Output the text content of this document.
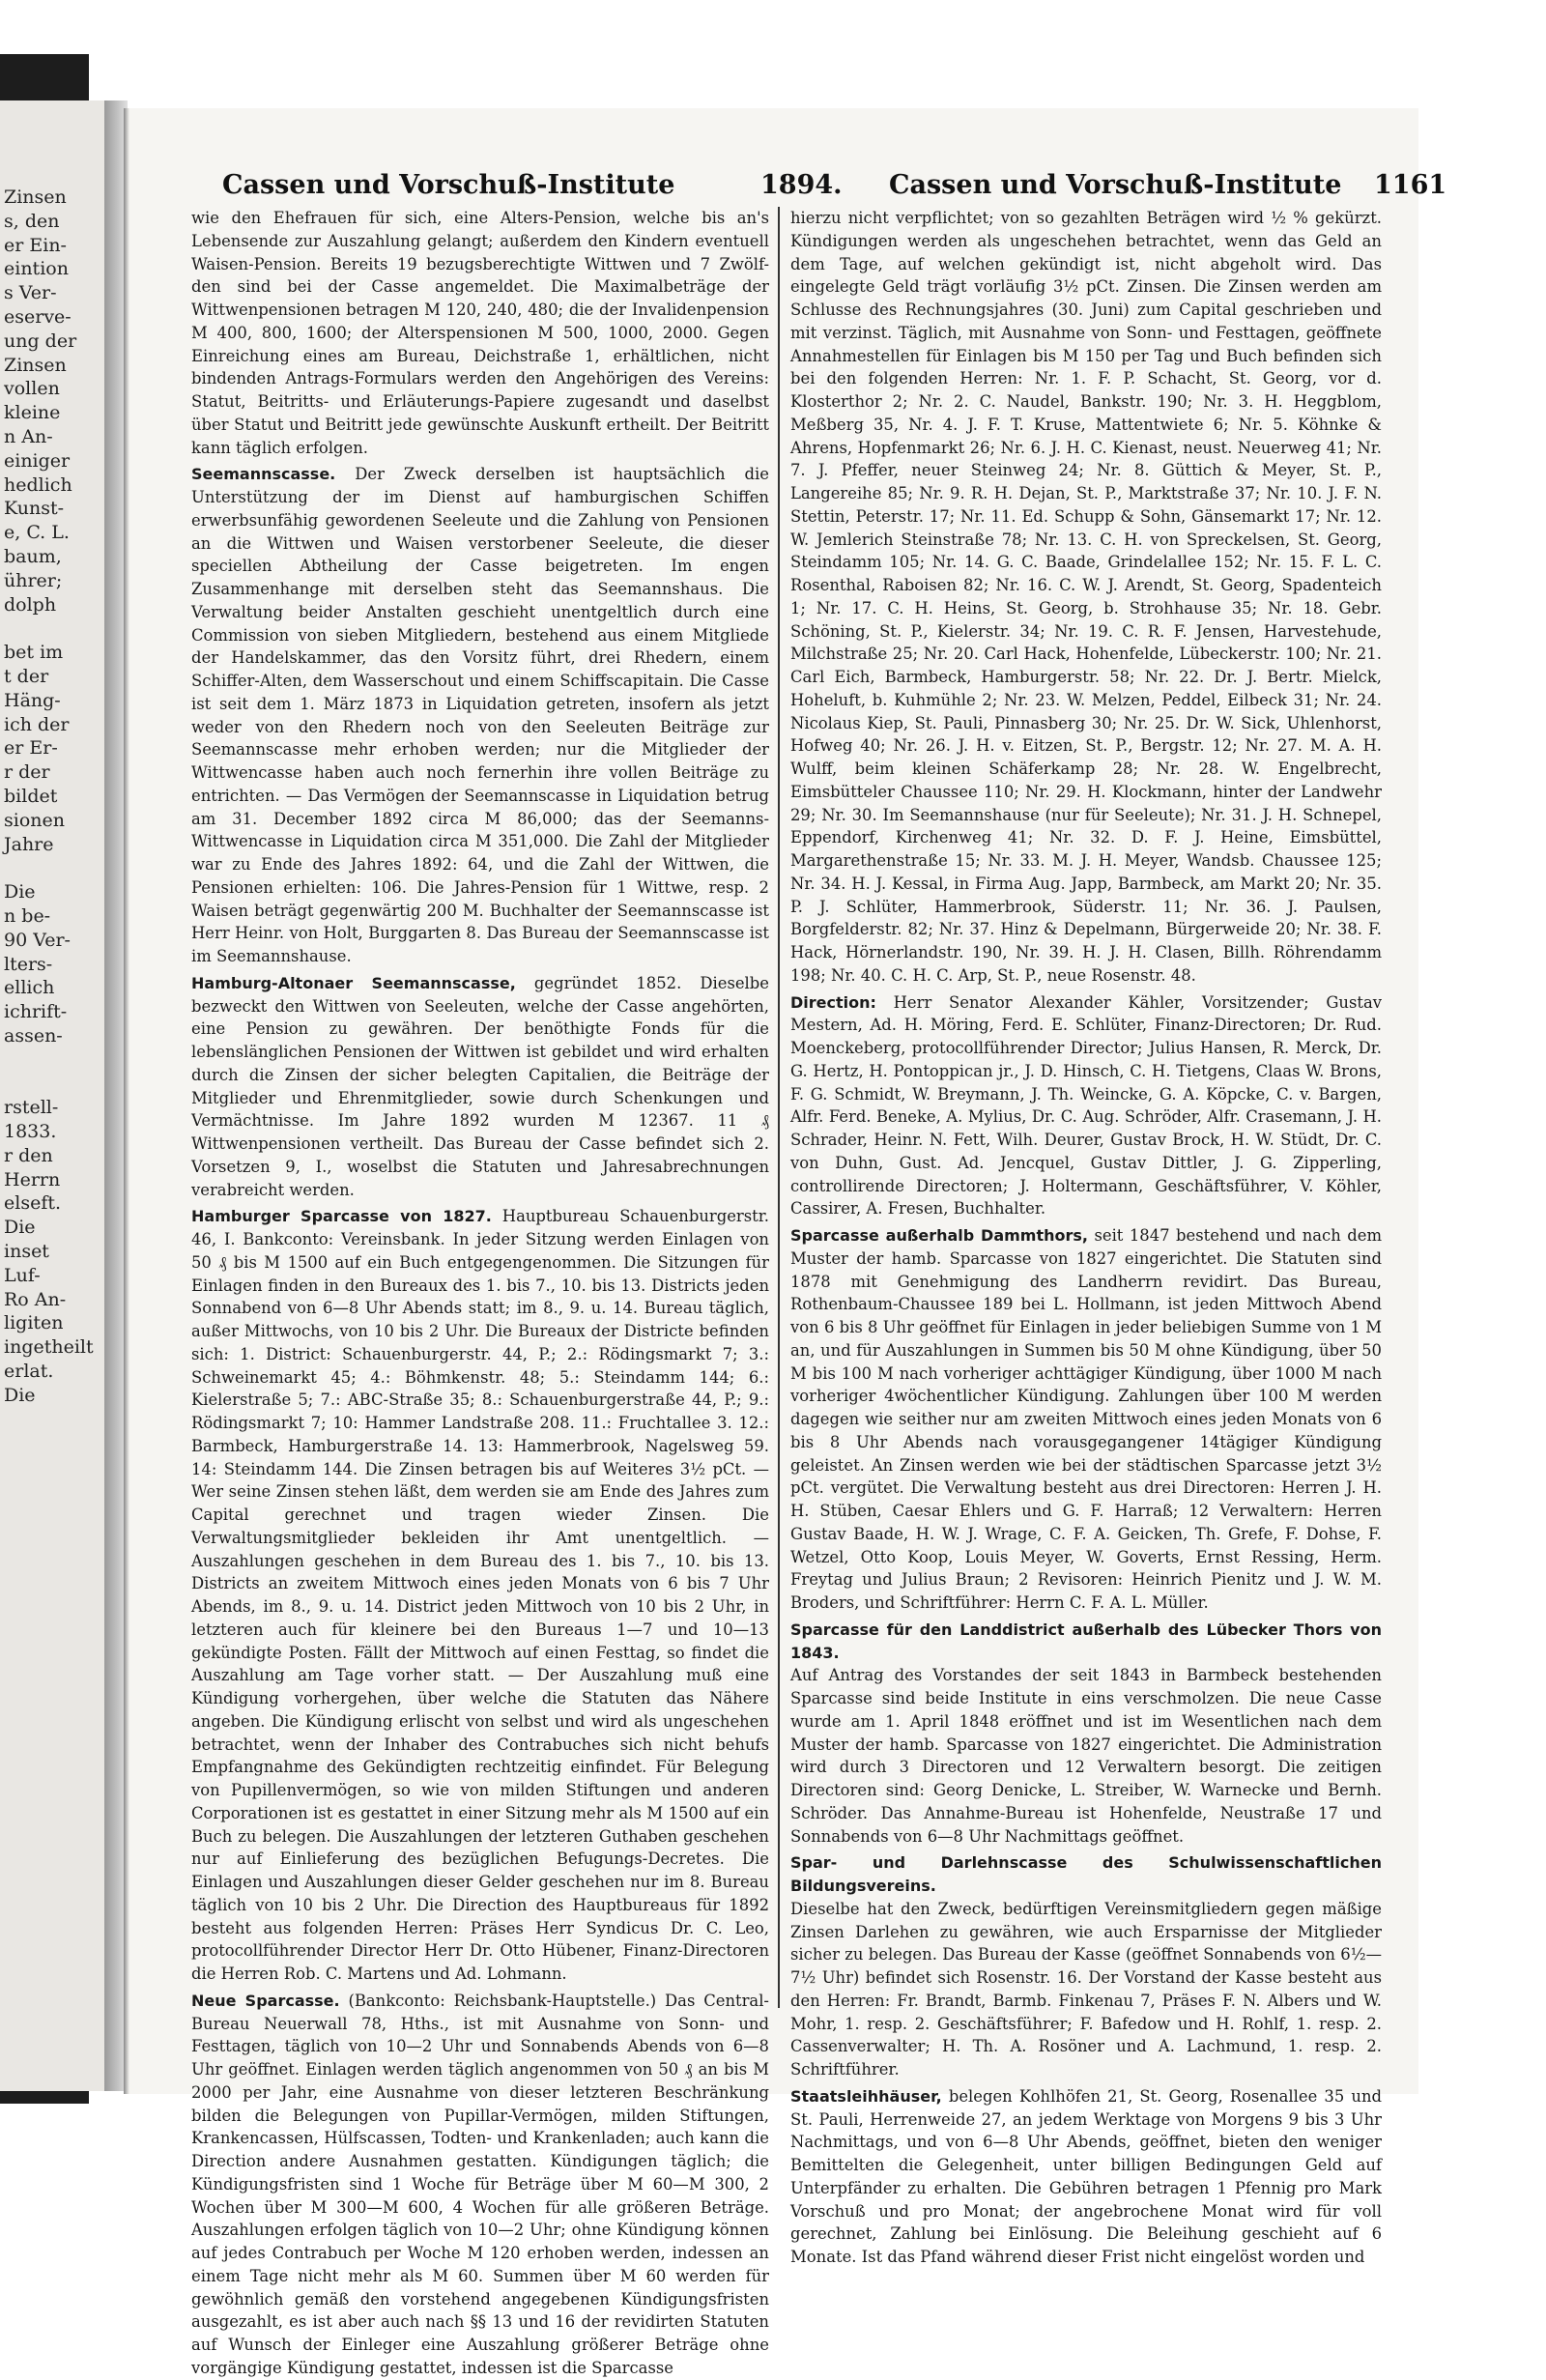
Zinsen
s, den
er Ein-
eintion
s Ver-
eserve-
ung der
Zinsen
vollen
kleine
n An-
einiger
hedlich
Kunst-
e, C. L.
baum,
ührer;
dolph
bet im
t der
Häng-
ich der
er Er-
r der
bildet
sionen
Jahre
Die
n be-
90 Ver-
lters-
ellich
ichrift-
assen-
rstell-
1833.
r den
Herrn
elseft.
Die
inset
Luf-
Ro An-
ligiten
ingetheilt
erlat.
Die
Cassen und Vorschuß-Institute	1894. Cassen und Vorschuß-Institute 1161

wie den Ehefrauen für sich, eine Alters-Pension, welche bis an's Lebensende zur Auszahlung gelangt; außerdem den Kindern eventuell Waisen-Pension. Bereits 19 bezugsberechtigte Wittwen und 7 Zwölf-den sind bei der Casse angemeldet. Die Maximalbeträge der Wittwenpensionen betragen M 120, 240, 480; die der Invalidenpension M 400, 800, 1600; der Alterspensionen M 500, 1000, 2000. Gegen Einreichung eines am Bureau, Deichstraße 1, erhältlichen, nicht bindenden Antrags-Formulars werden den Angehörigen des Vereins: Statut, Beitritts- und Erläuterungs-Papiere zugesandt und daselbst über Statut und Beitritt jede gewünschte Auskunft ertheilt. Der Beitritt kann täglich erfolgen.

Seemannscasse. Der Zweck derselben ist hauptsächlich die Unterstützung der im Dienst auf hamburgischen Schiffen erwerbsunfähig gewordenen Seeleute und die Zahlung von Pensionen an die Wittwen und Waisen verstorbener Seeleute, die dieser speciellen Abtheilung der Casse beigetreten. Im engen Zusammenhange mit derselben steht das Seemannshaus. Die Verwaltung beider Anstalten geschieht unentgeltlich durch eine Commission von sieben Mitgliedern, bestehend aus einem Mitgliede der Handelskammer, das den Vorsitz führt, drei Rhedern, einem Schiffer-Alten, dem Wasserschout und einem Schiffscapitain. Die Casse ist seit dem 1. März 1873 in Liquidation getreten, insofern als jetzt weder von den Rhedern noch von den Seeleuten Beiträge zur Seemannscasse mehr erhoben werden; nur die Mitglieder der Wittwencasse haben auch noch fernerhin ihre vollen Beiträge zu entrichten. — Das Vermögen der Seemannscasse in Liquidation betrug am 31. December 1892 circa M 86,000; das der Seemanns-Wittwencasse in Liquidation circa M 351,000. Die Zahl der Mitglieder war zu Ende des Jahres 1892: 64, und die Zahl der Wittwen, die Pensionen erhielten: 106. Die Jahres-Pension für 1 Wittwe, resp. 2 Waisen beträgt gegenwärtig 200 M. Buchhalter der Seemannscasse ist Herr Heinr. von Holt, Burggarten 8. Das Bureau der Seemannscasse ist im Seemannshause.

Hamburg-Altonaer Seemannscasse, gegründet 1852. Dieselbe bezweckt den Wittwen von Seeleuten, welche der Casse angehörten, eine Pension zu gewähren. Der benöthigte Fonds für die lebenslänglichen Pensionen der Wittwen ist gebildet und wird erhalten durch die Zinsen der sicher belegten Capitalien, die Beiträge der Mitglieder und Ehrenmitglieder, sowie durch Schenkungen und Vermächtnisse. Im Jahre 1892 wurden M 12367. 11 ₰ Wittwenpensionen vertheilt. Das Bureau der Casse befindet sich 2. Vorsetzen 9, I., woselbst die Statuten und Jahresabrechnungen verabreicht werden.

Hamburger Sparcasse von 1827. Hauptbureau Schauenburgerstr. 46, I. Bankconto: Vereinsbank. In jeder Sitzung werden Einlagen von 50 ₰ bis M 1500 auf ein Buch entgegengenommen. Die Sitzungen für Einlagen finden in den Bureaux des 1. bis 7., 10. bis 13. Districts jeden Sonnabend von 6—8 Uhr Abends statt; im 8., 9. u. 14. Bureau täglich, außer Mittwochs, von 10 bis 2 Uhr. Die Bureaux der Districte befinden sich: 1. District: Schauenburgerstr. 44, P.; 2.: Rödingsmarkt 7; 3.: Schweinemarkt 45; 4.: Böhmkenstr. 48; 5.: Steindamm 144; 6.: Kielerstraße 5; 7.: ABC-Straße 35; 8.: Schauenburgerstraße 44, P.; 9.: Rödingsmarkt 7; 10: Hammer Landstraße 208. 11.: Fruchtallee 3. 12.: Barmbeck, Hamburgerstraße 14. 13: Hammerbrook, Nagelsweg 59. 14: Steindamm 144. Die Zinsen betragen bis auf Weiteres 3½ pCt. — Wer seine Zinsen stehen läßt, dem werden sie am Ende des Jahres zum Capital gerechnet und tragen wieder Zinsen. Die Verwaltungsmitglieder bekleiden ihr Amt unentgeltlich. — Auszahlungen geschehen in dem Bureau des 1. bis 7., 10. bis 13. Districts an zweitem Mittwoch eines jeden Monats von 6 bis 7 Uhr Abends, im 8., 9. u. 14. District jeden Mittwoch von 10 bis 2 Uhr, in letzteren auch für kleinere bei den Bureaus 1—7 und 10—13 gekündigte Posten. Fällt der Mittwoch auf einen Festtag, so findet die Auszahlung am Tage vorher statt. — Der Auszahlung muß eine Kündigung vorhergehen, über welche die Statuten das Nähere angeben. Die Kündigung erlischt von selbst und wird als ungeschehen betrachtet, wenn der Inhaber des Contrabuches sich nicht behufs Empfangnahme des Gekündigten rechtzeitig einfindet. Für Belegung von Pupillenvermögen, so wie von milden Stiftungen und anderen Corporationen ist es gestattet in einer Sitzung mehr als M 1500 auf ein Buch zu belegen. Die Auszahlungen der letzteren Guthaben geschehen nur auf Einlieferung des bezüglichen Befugungs-Decretes. Die Einlagen und Auszahlungen dieser Gelder geschehen nur im 8. Bureau täglich von 10 bis 2 Uhr. Die Direction des Hauptbureaus für 1892 besteht aus folgenden Herren: Präses Herr Syndicus Dr. C. Leo, protocollführender Director Herr Dr. Otto Hübener, Finanz-Directoren die Herren Rob. C. Martens und Ad. Lohmann.

Neue Sparcasse. (Bankconto: Reichsbank-Hauptstelle.) Das Central-Bureau Neuerwall 78, Hths., ist mit Ausnahme von Sonn- und Festtagen, täglich von 10—2 Uhr und Sonnabends Abends von 6—8 Uhr geöffnet. Einlagen werden täglich angenommen von 50 ₰ an bis M 2000 per Jahr, eine Ausnahme von dieser letzteren Beschränkung bilden die Belegungen von Pupillar-Vermögen, milden Stiftungen, Krankencassen, Hülfscassen, Todten- und Krankenladen; auch kann die Direction andere Ausnahmen gestatten. Kündigungen täglich; die Kündigungsfristen sind 1 Woche für Beträge über M 60—M 300, 2 Wochen über M 300—M 600, 4 Wochen für alle größeren Beträge. Auszahlungen erfolgen täglich von 10—2 Uhr; ohne Kündigung können auf jedes Contrabuch per Woche M 120 erhoben werden, indessen an einem Tage nicht mehr als M 60. Summen über M 60 werden für gewöhnlich gemäß den vorstehend angegebenen Kündigungsfristen ausgezahlt, es ist aber auch nach §§ 13 und 16 der revidirten Statuten auf Wunsch der Einleger eine Auszahlung größerer Beträge ohne vorgängige Kündigung gestattet, indessen ist die Sparcasse

hierzu nicht verpflichtet; von so gezahlten Beträgen wird ½ % gekürzt. Kündigungen werden als ungeschehen betrachtet, wenn das Geld an dem Tage, auf welchen gekündigt ist, nicht abgeholt wird. Das eingelegte Geld trägt vorläufig 3½ pCt. Zinsen. Die Zinsen werden am Schlusse des Rechnungsjahres (30. Juni) zum Capital geschrieben und mit verzinst. Täglich, mit Ausnahme von Sonn- und Festtagen, geöffnete Annahmestellen für Einlagen bis M 150 per Tag und Buch befinden sich bei den folgenden Herren: Nr. 1. F. P. Schacht, St. Georg, vor d. Klosterthor 2; Nr. 2. C. Naudel, Bankstr. 190; Nr. 3. H. Heggblom, Meßberg 35, Nr. 4. J. F. T. Kruse, Mattentwiete 6; Nr. 5. Köhnke & Ahrens, Hopfenmarkt 26; Nr. 6. J. H. C. Kienast, neust. Neuerweg 41; Nr. 7. J. Pfeffer, neuer Steinweg 24; Nr. 8. Güttich & Meyer, St. P., Langereihe 85; Nr. 9. R. H. Dejan, St. P., Marktstraße 37; Nr. 10. J. F. N. Stettin, Peterstr. 17; Nr. 11. Ed. Schupp & Sohn, Gänsemarkt 17; Nr. 12. W. Jemlerich Steinstraße 78; Nr. 13. C. H. von Spreckelsen, St. Georg, Steindamm 105; Nr. 14. G. C. Baade, Grindelallee 152; Nr. 15. F. L. C. Rosenthal, Raboisen 82; Nr. 16. C. W. J. Arendt, St. Georg, Spadenteich 1; Nr. 17. C. H. Heins, St. Georg, b. Strohhause 35; Nr. 18. Gebr. Schöning, St. P., Kielerstr. 34; Nr. 19. C. R. F. Jensen, Harvestehude, Milchstraße 25; Nr. 20. Carl Hack, Hohenfelde, Lübeckerstr. 100; Nr. 21. Carl Eich, Barmbeck, Hamburgerstr. 58; Nr. 22. Dr. J. Bertr. Mielck, Hoheluft, b. Kuhmühle 2; Nr. 23. W. Melzen, Peddel, Eilbeck 31; Nr. 24. Nicolaus Kiep, St. Pauli, Pinnasberg 30; Nr. 25. Dr. W. Sick, Uhlenhorst, Hofweg 40; Nr. 26. J. H. v. Eitzen, St. P., Bergstr. 12; Nr. 27. M. A. H. Wulff, beim kleinen Schäferkamp 28; Nr. 28. W. Engelbrecht, Eimsbütteler Chaussee 110; Nr. 29. H. Klockmann, hinter der Landwehr 29; Nr. 30. Im Seemannshause (nur für Seeleute); Nr. 31. J. H. Schnepel, Eppendorf, Kirchenweg 41; Nr. 32. D. F. J. Heine, Eimsbüttel, Margarethenstraße 15; Nr. 33. M. J. H. Meyer, Wandsb. Chaussee 125; Nr. 34. H. J. Kessal, in Firma Aug. Japp, Barmbeck, am Markt 20; Nr. 35. P. J. Schlüter, Hammerbrook, Süderstr. 11; Nr. 36. J. Paulsen, Borgfelderstr. 82; Nr. 37. Hinz & Depelmann, Bürgerweide 20; Nr. 38. F. Hack, Hörnerlandstr. 190, Nr. 39. H. J. H. Clasen, Billh. Röhrendamm 198; Nr. 40. C. H. C. Arp, St. P., neue Rosenstr. 48.

Direction: Herr Senator Alexander Kähler, Vorsitzender; Gustav Mestern, Ad. H. Möring, Ferd. E. Schlüter, Finanz-Directoren; Dr. Rud. Moenckeberg, protocollführender Director; Julius Hansen, R. Merck, Dr. G. Hertz, H. Pontoppican jr., J. D. Hinsch, C. H. Tietgens, Claas W. Brons, F. G. Schmidt, W. Breymann, J. Th. Weincke, G. A. Köpcke, C. v. Bargen, Alfr. Ferd. Beneke, A. Mylius, Dr. C. Aug. Schröder, Alfr. Crasemann, J. H. Schrader, Heinr. N. Fett, Wilh. Deurer, Gustav Brock, H. W. Stüdt, Dr. C. von Duhn, Gust. Ad. Jencquel, Gustav Dittler, J. G. Zipperling, controllirende Directoren; J. Holtermann, Geschäftsführer, V. Köhler, Cassirer, A. Fresen, Buchhalter.

Sparcasse außerhalb Dammthors, seit 1847 bestehend und nach dem Muster der hamb. Sparcasse von 1827 eingerichtet. Die Statuten sind 1878 mit Genehmigung des Landherrn revidirt. Das Bureau, Rothenbaum-Chaussee 189 bei L. Hollmann, ist jeden Mittwoch Abend von 6 bis 8 Uhr geöffnet für Einlagen in jeder beliebigen Summe von 1 M an, und für Auszahlungen in Summen bis 50 M ohne Kündigung, über 50 M bis 100 M nach vorheriger achttägiger Kündigung, über 1000 M nach vorheriger 4wöchentlicher Kündigung. Zahlungen über 100 M werden dagegen wie seither nur am zweiten Mittwoch eines jeden Monats von 6 bis 8 Uhr Abends nach vorausgegangener 14tägiger Kündigung geleistet. An Zinsen werden wie bei der städtischen Sparcasse jetzt 3½ pCt. vergütet. Die Verwaltung besteht aus drei Directoren: Herren J. H. H. Stüben, Caesar Ehlers und G. F. Harraß; 12 Verwaltern: Herren Gustav Baade, H. W. J. Wrage, C. F. A. Geicken, Th. Grefe, F. Dohse, F. Wetzel, Otto Koop, Louis Meyer, W. Goverts, Ernst Ressing, Herm. Freytag und Julius Braun; 2 Revisoren: Heinrich Pienitz und J. W. M. Broders, und Schriftführer: Herrn C. F. A. L. Müller.

Sparcasse für den Landdistrict außerhalb des Lübecker Thors von 1843.
Auf Antrag des Vorstandes der seit 1843 in Barmbeck bestehenden Sparcasse sind beide Institute in eins verschmolzen. Die neue Casse wurde am 1. April 1848 eröffnet und ist im Wesentlichen nach dem Muster der hamb. Sparcasse von 1827 eingerichtet. Die Administration wird durch 3 Directoren und 12 Verwaltern besorgt. Die zeitigen Directoren sind: Georg Denicke, L. Streiber, W. Warnecke und Bernh. Schröder. Das Annahme-Bureau ist Hohenfelde, Neustraße 17 und Sonnabends von 6—8 Uhr Nachmittags geöffnet.

Spar- und Darlehnscasse des Schulwissenschaftlichen Bildungsvereins.
Dieselbe hat den Zweck, bedürftigen Vereinsmitgliedern gegen mäßige Zinsen Darlehen zu gewähren, wie auch Ersparnisse der Mitglieder sicher zu belegen. Das Bureau der Kasse (geöffnet Sonnabends von 6½—7½ Uhr) befindet sich Rosenstr. 16. Der Vorstand der Kasse besteht aus den Herren: Fr. Brandt, Barmb. Finkenau 7, Präses F. N. Albers und W. Mohr, 1. resp. 2. Geschäftsführer; F. Bafedow und H. Rohlf, 1. resp. 2. Cassenverwalter; H. Th. A. Rosöner und A. Lachmund, 1. resp. 2. Schriftführer.

Staatsleihhäuser, belegen Kohlhöfen 21, St. Georg, Rosenallee 35 und St. Pauli, Herrenweide 27, an jedem Werktage von Morgens 9 bis 3 Uhr Nachmittags, und von 6—8 Uhr Abends, geöffnet, bieten den weniger Bemittelten die Gelegenheit, unter billigen Bedingungen Geld auf Unterpfänder zu erhalten. Die Gebühren betragen 1 Pfennig pro Mark Vorschuß und pro Monat; der angebrochene Monat wird für voll gerechnet, Zahlung bei Einlösung. Die Beleihung geschieht auf 6 Monate. Ist das Pfand während dieser Frist nicht eingelöst worden und
